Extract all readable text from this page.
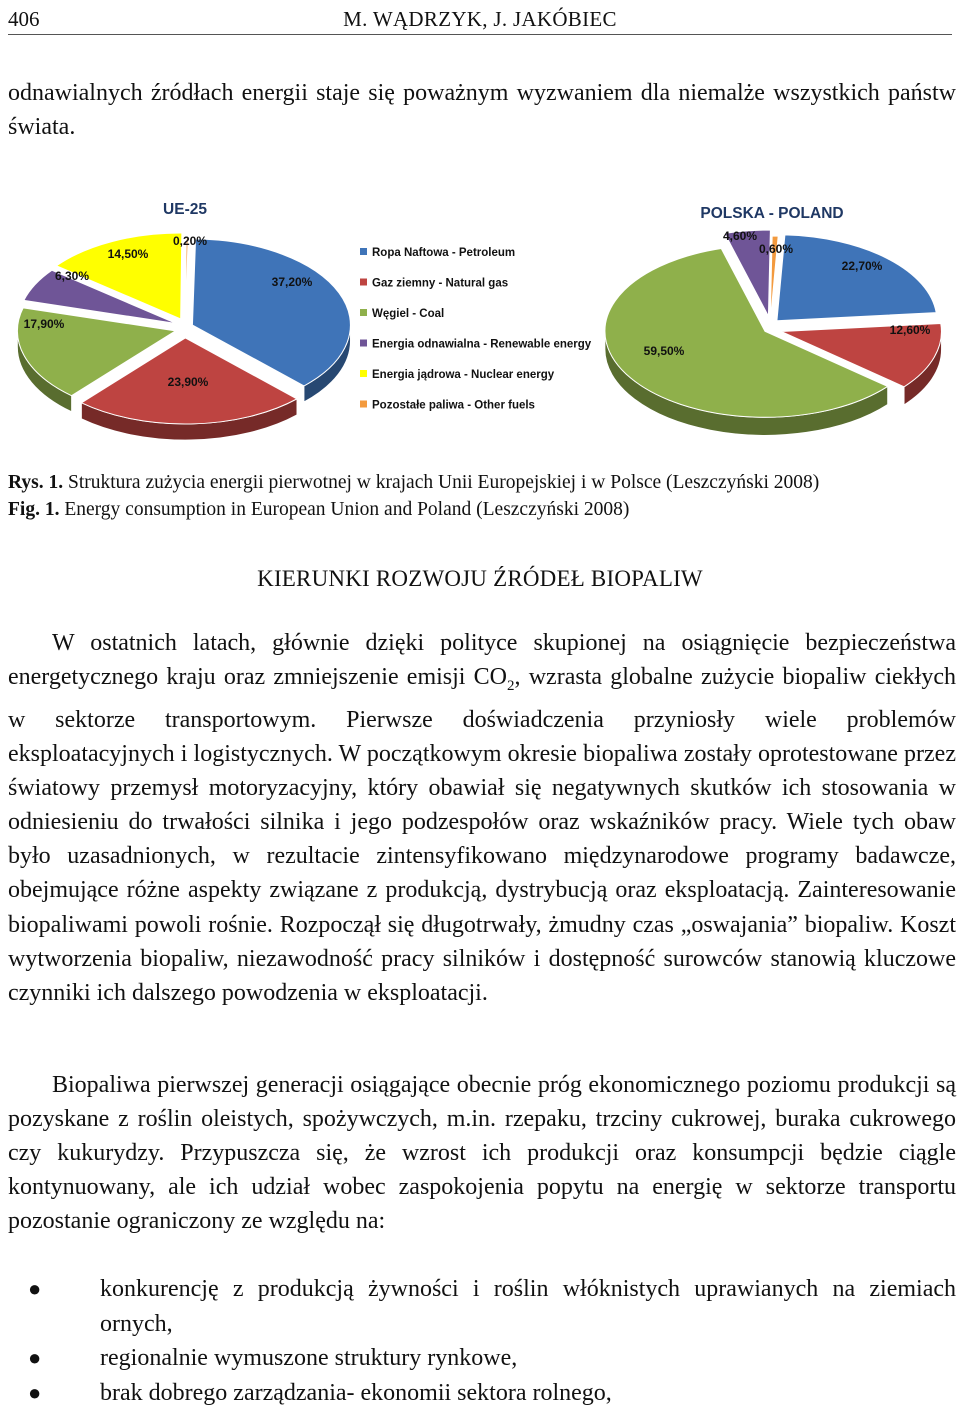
406	M. WĄDRZYK, J. JAKÓBIEC

odnawialnych źródłach energii staje się poważnym wyzwaniem dla niemalże wszystkich państw świata.

37,20%
23,90%
17,90%
6,30%
14,50%
0,20%
22,70%
12,60%
59,50%
4,60%
0,60%
Ropa Naftowa - Petroleum
Gaz ziemny - Natural gas
Węgiel - Coal
Energia odnawialna - Renewable energy
Energia jądrowa - Nuclear energy
Pozostałe paliwa - Other fuels
UE-25	POLSKA - POLAND
Rys. 1. Struktura zużycia energii pierwotnej w krajach Unii Europejskiej i w Polsce (Leszczyński 2008)
Fig. 1. Energy consumption in European Union and Poland (Leszczyński 2008)
KIERUNKI ROZWOJU ŹRÓDEŁ BIOPALIW

W ostatnich latach, głównie dzięki polityce skupionej na osiągnięcie bezpieczeństwa energetycznego kraju oraz zmniejszenie emisji $CO_2$, wzrasta globalne zużycie biopaliw ciekłych w sektorze transportowym. Pierwsze doświadczenia przyniosły wiele problemów eksploatacyjnych i logistycznych. W początkowym okresie biopaliwa zostały oprotestowane przez światowy przemysł motoryzacyjny, który obawiał się negatywnych skutków ich stosowania w odniesieniu do trwałości silnika i jego podzespołów oraz wskaźników pracy. Wiele tych obaw było uzasadnionych, w rezultacie zintensyfikowano międzynarodowe programy badawcze, obejmujące różne aspekty związane z produkcją, dystrybucją oraz eksploatacją. Zainteresowanie biopaliwami powoli rośnie. Rozpoczął się długotrwały, żmudny czas „oswajania” biopaliw. Koszt wytworzenia biopaliw, niezawodność pracy silników i dostępność surowców stanowią kluczowe czynniki ich dalszego powodzenia w eksploatacji.

Biopaliwa pierwszej generacji osiągające obecnie próg ekonomicznego poziomu produkcji są pozyskane z roślin oleistych, spożywczych, m.in. rzepaku, trzciny cukrowej, buraka cukrowego czy kukurydzy. Przypuszcza się, że wzrost ich produkcji oraz konsumpcji będzie ciągle kontynuowany, ale ich udział wobec zaspokojenia popytu na energię w sektorze transportu pozostanie ograniczony ze względu na:

● konkurencję z produkcją żywności i roślin włóknistych uprawianych na ziemiach ornych,
● regionalnie wymuszone struktury rynkowe,
● brak dobrego zarządzania- ekonomii sektora rolnego,
